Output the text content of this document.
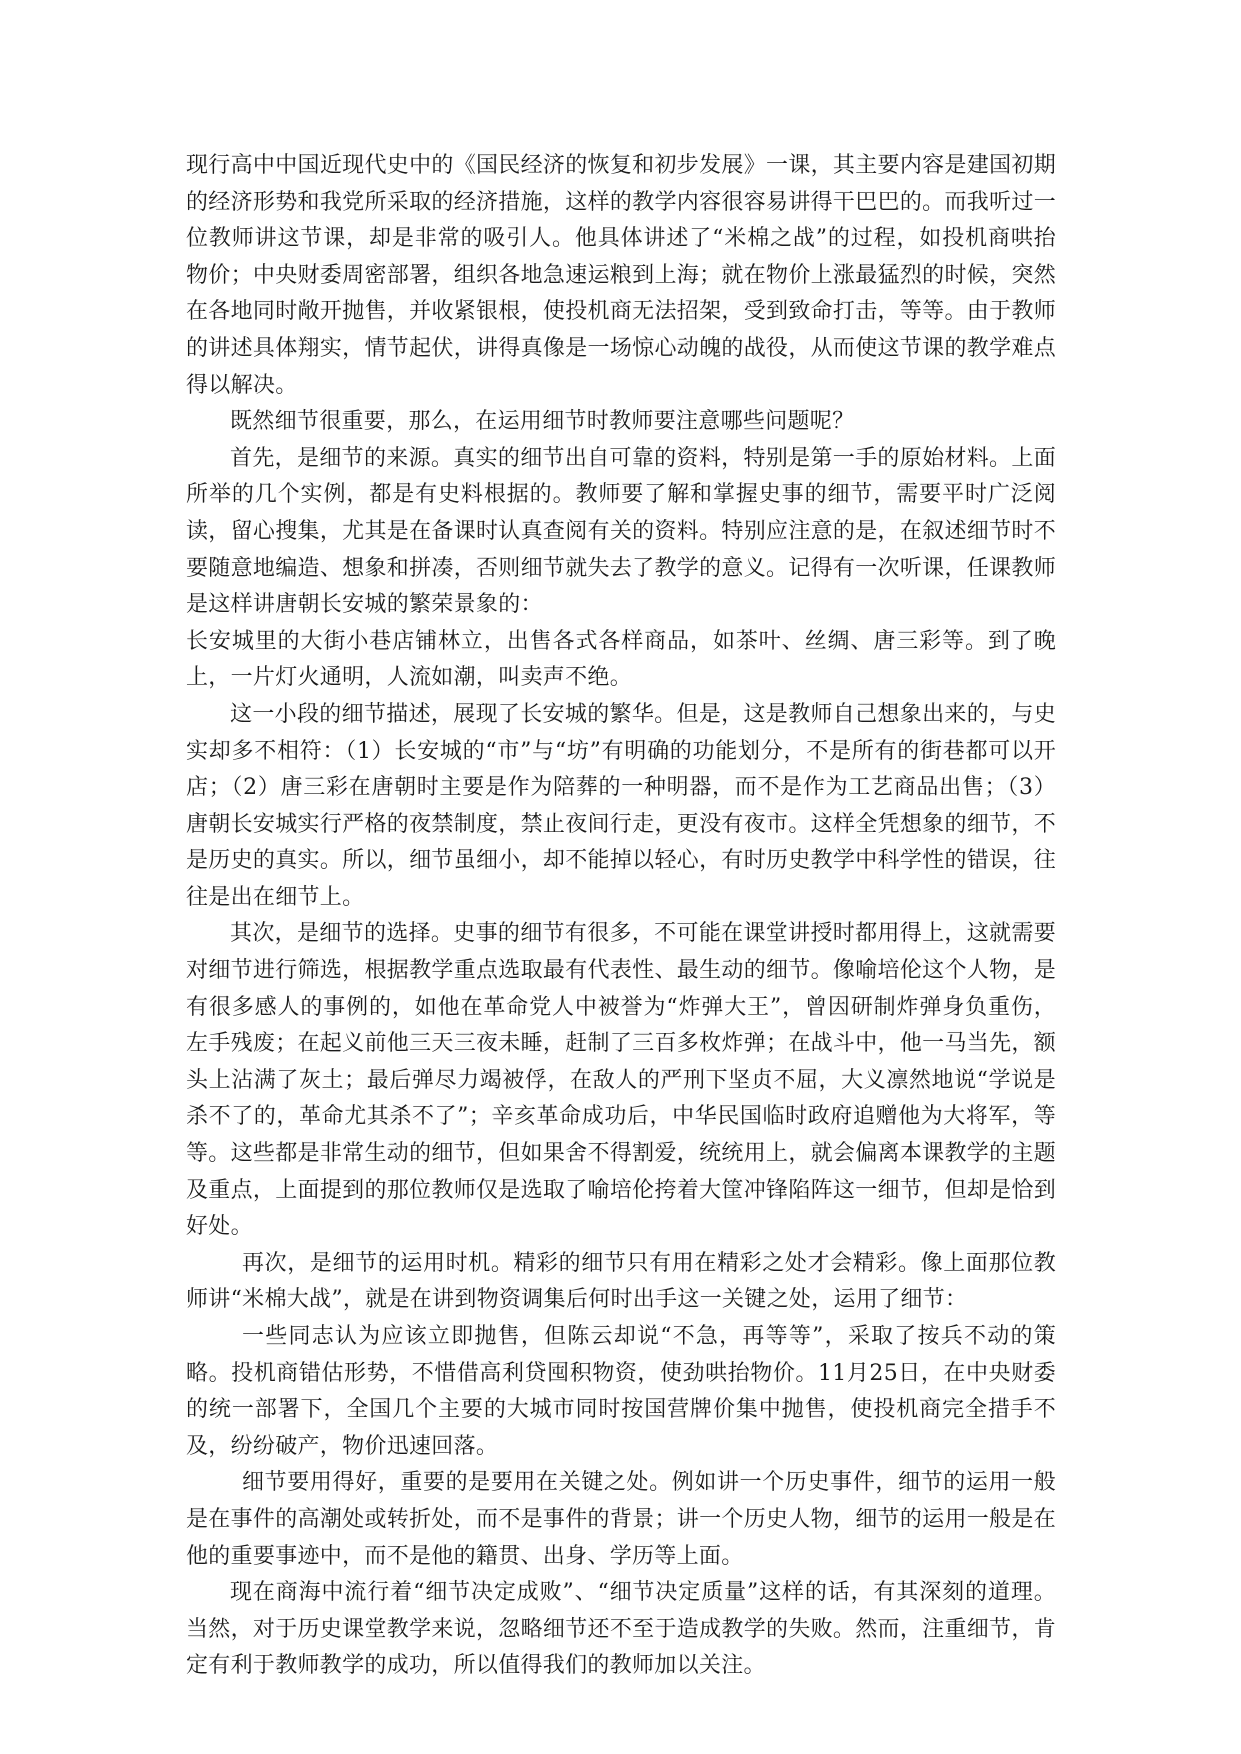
现行高中中国近现代史中的《国民经济的恢复和初步发展》一课，其主要内容是建国初期的经济形势和我党所采取的经济措施，这样的教学内容很容易讲得干巴巴的。而我听过一位教师讲这节课，却是非常的吸引人。他具体讲述了“米棉之战”的过程，如投机商哄抬物价；中央财委周密部署，组织各地急速运粮到上海；就在物价上涨最猛烈的时候，突然在各地同时敞开抛售，并收紧银根，使投机商无法招架，受到致命打击，等等。由于教师的讲述具体翔实，情节起伏，讲得真像是一场惊心动魄的战役，从而使这节课的教学难点得以解决。

既然细节很重要，那么，在运用细节时教师要注意哪些问题呢？

首先，是细节的来源。真实的细节出自可靠的资料，特别是第一手的原始材料。上面所举的几个实例，都是有史料根据的。教师要了解和掌握史事的细节，需要平时广泛阅读，留心搜集，尤其是在备课时认真查阅有关的资料。特别应注意的是，在叙述细节时不要随意地编造、想象和拼凑，否则细节就失去了教学的意义。记得有一次听课，任课教师是这样讲唐朝长安城的繁荣景象的：

长安城里的大街小巷店铺林立，出售各式各样商品，如茶叶、丝绸、唐三彩等。到了晚上，一片灯火通明，人流如潮，叫卖声不绝。

这一小段的细节描述，展现了长安城的繁华。但是，这是教师自己想象出来的，与史实却多不相符：（1）长安城的“市”与“坊”有明确的功能划分，不是所有的街巷都可以开店；（2）唐三彩在唐朝时主要是作为陪葬的一种明器，而不是作为工艺商品出售；（3）唐朝长安城实行严格的夜禁制度，禁止夜间行走，更没有夜市。这样全凭想象的细节，不是历史的真实。所以，细节虽细小，却不能掉以轻心，有时历史教学中科学性的错误，往往是出在细节上。

其次，是细节的选择。史事的细节有很多，不可能在课堂讲授时都用得上，这就需要对细节进行筛选，根据教学重点选取最有代表性、最生动的细节。像喻培伦这个人物，是有很多感人的事例的，如他在革命党人中被誉为“炸弹大王”，曾因研制炸弹身负重伤，左手残废；在起义前他三天三夜未睡，赶制了三百多枚炸弹；在战斗中，他一马当先，额头上沾满了灰土；最后弹尽力竭被俘，在敌人的严刑下坚贞不屈，大义凛然地说“学说是杀不了的，革命尤其杀不了”；辛亥革命成功后，中华民国临时政府追赠他为大将军，等等。这些都是非常生动的细节，但如果舍不得割爱，统统用上，就会偏离本课教学的主题及重点，上面提到的那位教师仅是选取了喻培伦挎着大筐冲锋陷阵这一细节，但却是恰到好处。

再次，是细节的运用时机。精彩的细节只有用在精彩之处才会精彩。像上面那位教师讲“米棉大战”，就是在讲到物资调集后何时出手这一关键之处，运用了细节：

一些同志认为应该立即抛售，但陈云却说“不急，再等等”，采取了按兵不动的策略。投机商错估形势，不惜借高利贷囤积物资，使劲哄抬物价。11月25日，在中央财委的统一部署下，全国几个主要的大城市同时按国营牌价集中抛售，使投机商完全措手不及，纷纷破产，物价迅速回落。

细节要用得好，重要的是要用在关键之处。例如讲一个历史事件，细节的运用一般是在事件的高潮处或转折处，而不是事件的背景；讲一个历史人物，细节的运用一般是在他的重要事迹中，而不是他的籍贯、出身、学历等上面。

现在商海中流行着“细节决定成败”、“细节决定质量”这样的话，有其深刻的道理。当然，对于历史课堂教学来说，忽略细节还不至于造成教学的失败。然而，注重细节，肯定有利于教师教学的成功，所以值得我们的教师加以关注。
